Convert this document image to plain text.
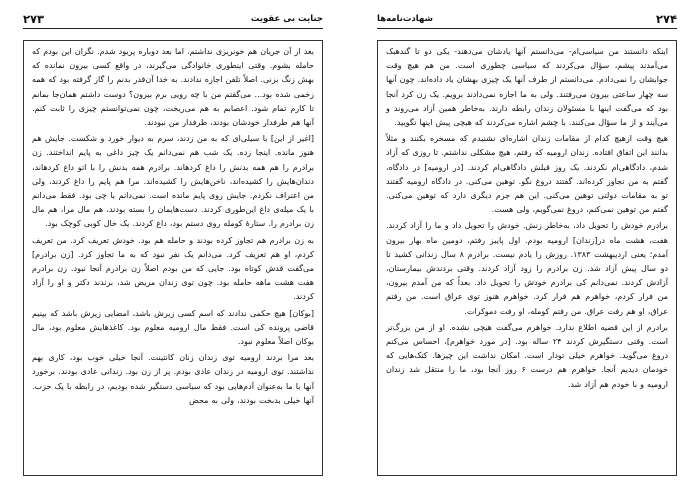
۲۷۳	جنایت بی عقوبت

بعد از آن جریان هم خونریزی نداشتم. اما بعد دوباره پریود شدم. نگران این بودم که حامله بشوم. وقتی اینطوری خانوادگی می‌گیرند، در واقع کسی بیرون نمانده که بهش زنگ بزنی. اصلاً تلفن اجازه ندادند. به خدا آن‌قدر بدنم را گاز گرفته بود که همه زخمی شده بود... می‌گفتم من با چه رویی برم بیرون؟ دوست داشتم همان‌جا بمانم تا کارم تمام شود. اعصابم به هم می‌ریخت، چون نمی‌توانستم چیزی را ثابت کنم. آنها هم طرفدار خودشان بودند، طرفدار من نبودند.

[اغیر از این] با سیلی‌ای که به من زدند، سرم به دیوار خورد و شکست. جایش هم هنوز مانده. اینجا زده. یک شب هم نمی‌دانم یک چیز داغی به پایم انداختند. زن برادرم را هم همه بدنش را داغ کردهاند. برادرم همه بدنش را با اتو داغ کردهاند، دندان‌هایش را کشیده‌اند، ناخن‌هایش را کشیده‌اند. مرا هم پایم را داغ کردند، ولی من اعتراف نکردم. جایش روی پایم مانده است. نمی‌دانم با چی بود. فقط می‌دانم با یک میله‌ی داغ این‌طوری کردند. دست‌هایمان را بسته بودند، هم مال مرا، هم مال زن برادرم را. ستارهٔ کومله روی دستم بود، داغ کردند. یک خال کوبی کوچک بود.

به زن برادرم هم تجاوز کرده بودند و حامله هم بود. خودش تعریف کرد. من تعریف کردم، او هم تعریف کرد. می‌دانم یک نفر نبود که به ما تجاوز کرد. [زن برادرم] می‌گفت قدش کوتاه بود. جایی که من بودم اصلاً زن برادرم آنجا نبود. زن برادرم هفت هشت ماهه حامله بود. چون توی زندان مریض شد، برندند دکتر و او را آزاد کردند.

[بوکان] هیچ حکمی ندادند که اسم کسی زیرش باشد، امضایی زیرش باشد که بپنیم قاضی پرونده کی است. فقط مال ارومیه معلوم بود. کاغذهایش معلوم بود، مال بوکان اصلاً معلوم نبود.

بعد مرا بردند ارومیه توی زندان زنان کانتینت. آنجا خیلی خوب بود، کاری بهم نداشتند. توی ارومیه در زندان عادی بودم. پر از زن بود. زندانی عادی بودند. برخورد آنها با ما به‌عنوان آدم‌هایی بود که سیاسی دستگیر شده بودیم، در رابطه با یک حزب. آنها خیلی بدبخت بودند، ولی به محض

شهادت‌نامه‌ها	۲۷۴

اینکه دانستند من سیاسی‌ام- می‌دانستم آنها یادشان می‌دهند- یکی دو تا گندهبک می‌آمدند پیشم، سؤال می‌کردند که سیاسی چطوری است. من هم هیچ وقت جوابشان را نمی‌دادم. می‌دانستم از طرف آنها یک چیزی بهشان یاد داده‌اند. چون آنها سه چهار ساعتی بیرون می‌رفتند. ولی به ما اجازه نمی‌دادند برویم. یک زن کرد آنجا بود که می‌گفت اینها با مسئولان زندان رابطه دارند. به‌خاطر همین آزاد می‌روند و می‌آیند و از ما سؤال می‌کنند. با چشم اشاره می‌کردند که هیچی پیش اینها نگویید.

هیچ وقت ازهیچ کدام از مقامات زندان اشاره‌ای نشنیدم که مسخره بکنند و مثلاً بدانند این اتفاق افتاده. زندان ارومیه که رفتم، هیچ مشکلی نداشتم. تا روزی که آزاد شدم، دادگاهی‌ام نکردند. یک روز قبلش دادگاهی‌ام کردند. [در ارومیه] در دادگاه، گفتم به من تجاوز کرده‌اند. گفتند دروغ نگو. توهین می‌کنی. در دادگاه ارومیه گفتند تو به مقامات دولتی توهین می‌کنی. این هم جرم دیگری دارد که توهین می‌کنی. گفتم من توهین نمی‌کنم، دروغ نمی‌گویم، ولی هست.

برادرم خودش را تحویل داد، به‌خاطر زنش. خودش را تحویل داد و ما را آزاد کردند. هفت، هشت ماه در[زندان] ارومیه بودم. اول پاییز رفتم، دومین ماه بهار بیرون آمدم؛ یعنی اردیبهشت ۱۳۸۳. روزش را یادم نیست. برادرم ۸ سال زندانی کشید تا دو سال پیش آزاد شد. زن برادرم را زود آزاد کردند. وقتی بردندش بیمارستان، آزادش کردند. نمی‌دانم کی برادرم خودش را تحویل داد. بعداً که من آمدم بیرون، من فرار کردم، خواهرم هم فرار کرد. خواهرم هنوز توی عراق است. من رفتم عراق، او هم رفت عراق. من رفتم کومله، او رفت دموکرات.

برادرم از این قضیه اطلاع ندارد. خواهرم می‌گفت هیچی نشده. او از من بزرگ‌تر است. وقتی دستگیرش کردند ۲۴ ساله بود. [در مورد خواهرم]، احساس می‌کنم دروغ می‌گوید. خواهرم خیلی تودار است. امکان نداشت این چیزها. کتک‌هایی که خودمان دیدیم آنجا. خواهرم هم درست ۶ روز آنجا بود، ما را منتقل شد زندان ارومیه و با خودم هم آزاد شد.
